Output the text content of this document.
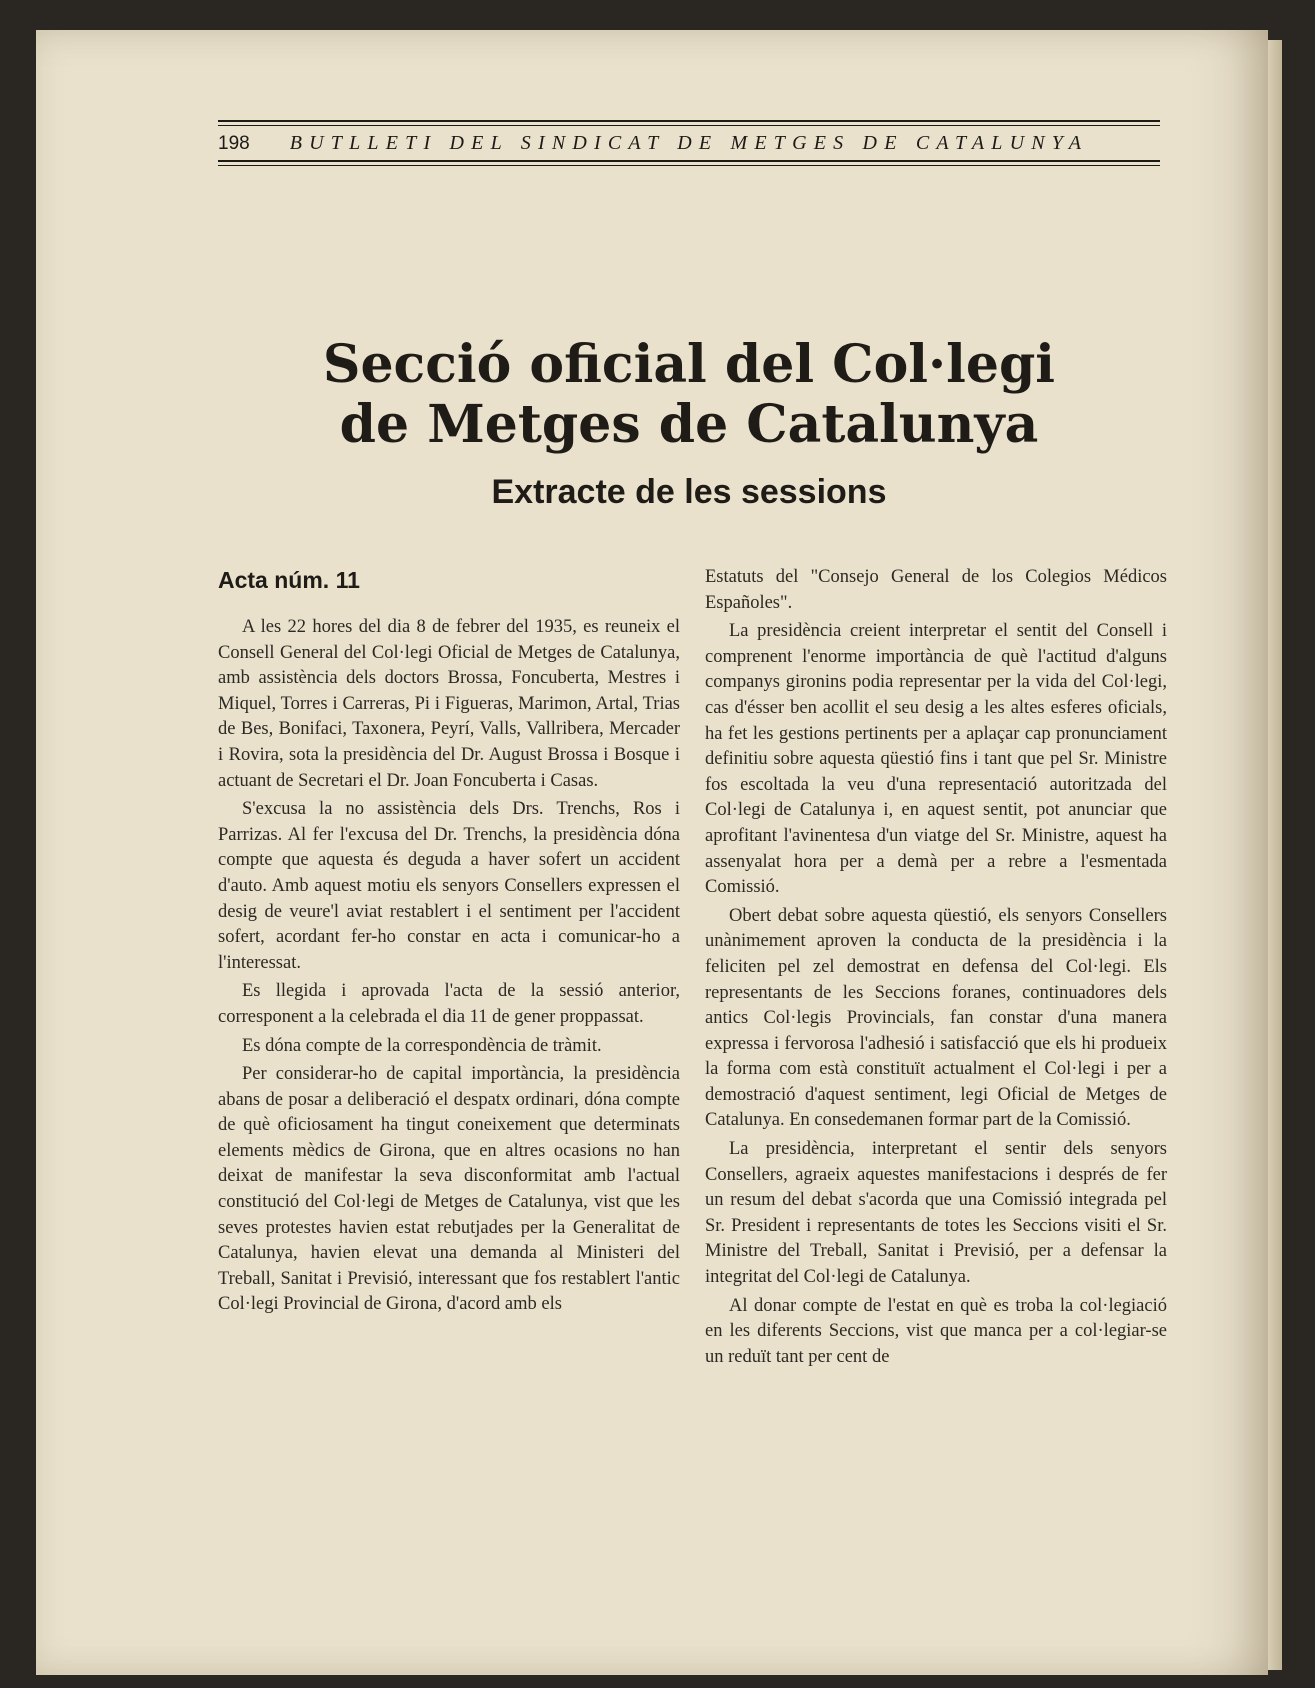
198 BUTLLETI DEL SINDICAT DE METGES DE CATALUNYA
Secció oficial del Col·legi
de Metges de Catalunya
Extracte de les sessions
Acta núm. 11

A les 22 hores del dia 8 de febrer del 1935, es reuneix el Consell General del Col·legi Oficial de Metges de Catalunya, amb assistència dels doctors Brossa, Foncuberta, Mestres i Miquel, Torres i Carreras, Pi i Figueras, Marimon, Artal, Trias de Bes, Bonifaci, Taxonera, Peyrí, Valls, Vallribera, Mercader i Rovira, sota la presidència del Dr. August Brossa i Bosque i actuant de Secretari el Dr. Joan Foncuberta i Casas.

S'excusa la no assistència dels Drs. Trenchs, Ros i Parrizas. Al fer l'excusa del Dr. Trenchs, la presidència dóna compte que aquesta és deguda a haver sofert un accident d'auto. Amb aquest motiu els senyors Consellers expressen el desig de veure'l aviat restablert i el sentiment per l'accident sofert, acordant fer-ho constar en acta i comunicar-ho a l'interessat.

Es llegida i aprovada l'acta de la sessió anterior, corresponent a la celebrada el dia 11 de gener proppassat.

Es dóna compte de la correspondència de tràmit.

Per considerar-ho de capital importància, la presidència abans de posar a deliberació el despatx ordinari, dóna compte de què oficiosament ha tingut coneixement que determinats elements mèdics de Girona, que en altres ocasions no han deixat de manifestar la seva disconformitat amb l'actual constitució del Col·legi de Metges de Catalunya, vist que les seves protestes havien estat rebutjades per la Generalitat de Catalunya, havien elevat una demanda al Ministeri del Treball, Sanitat i Previsió, interessant que fos restablert l'antic Col·legi Provincial de Girona, d'acord amb els

Estatuts del "Consejo General de los Colegios Médicos Españoles".

La presidència creient interpretar el sentit del Consell i comprenent l'enorme importància de què l'actitud d'alguns companys gironins podia representar per la vida del Col·legi, cas d'ésser ben acollit el seu desig a les altes esferes oficials, ha fet les gestions pertinents per a aplaçar cap pronunciament definitiu sobre aquesta qüestió fins i tant que pel Sr. Ministre fos escoltada la veu d'una representació autoritzada del Col·legi de Catalunya i, en aquest sentit, pot anunciar que aprofitant l'avinentesa d'un viatge del Sr. Ministre, aquest ha assenyalat hora per a demà per a rebre a l'esmentada Comissió.

Obert debat sobre aquesta qüestió, els senyors Consellers unànimement aproven la conducta de la presidència i la feliciten pel zel demostrat en defensa del Col·legi. Els representants de les Seccions foranes, continuadores dels antics Col·legis Provincials, fan constar d'una manera expressa i fervorosa l'adhesió i satisfacció que els hi produeix la forma com està constituït actualment el Col·legi i per a demostració d'aquest sentiment, legi Oficial de Metges de Catalunya. En consedemanen formar part de la Comissió.

La presidència, interpretant el sentir dels senyors Consellers, agraeix aquestes manifestacions i després de fer un resum del debat s'acorda que una Comissió integrada pel Sr. President i representants de totes les Seccions visiti el Sr. Ministre del Treball, Sanitat i Previsió, per a defensar la integritat del Col·legi de Catalunya.

Al donar compte de l'estat en què es troba la col·legiació en les diferents Seccions, vist que manca per a col·legiar-se un reduït tant per cent de
